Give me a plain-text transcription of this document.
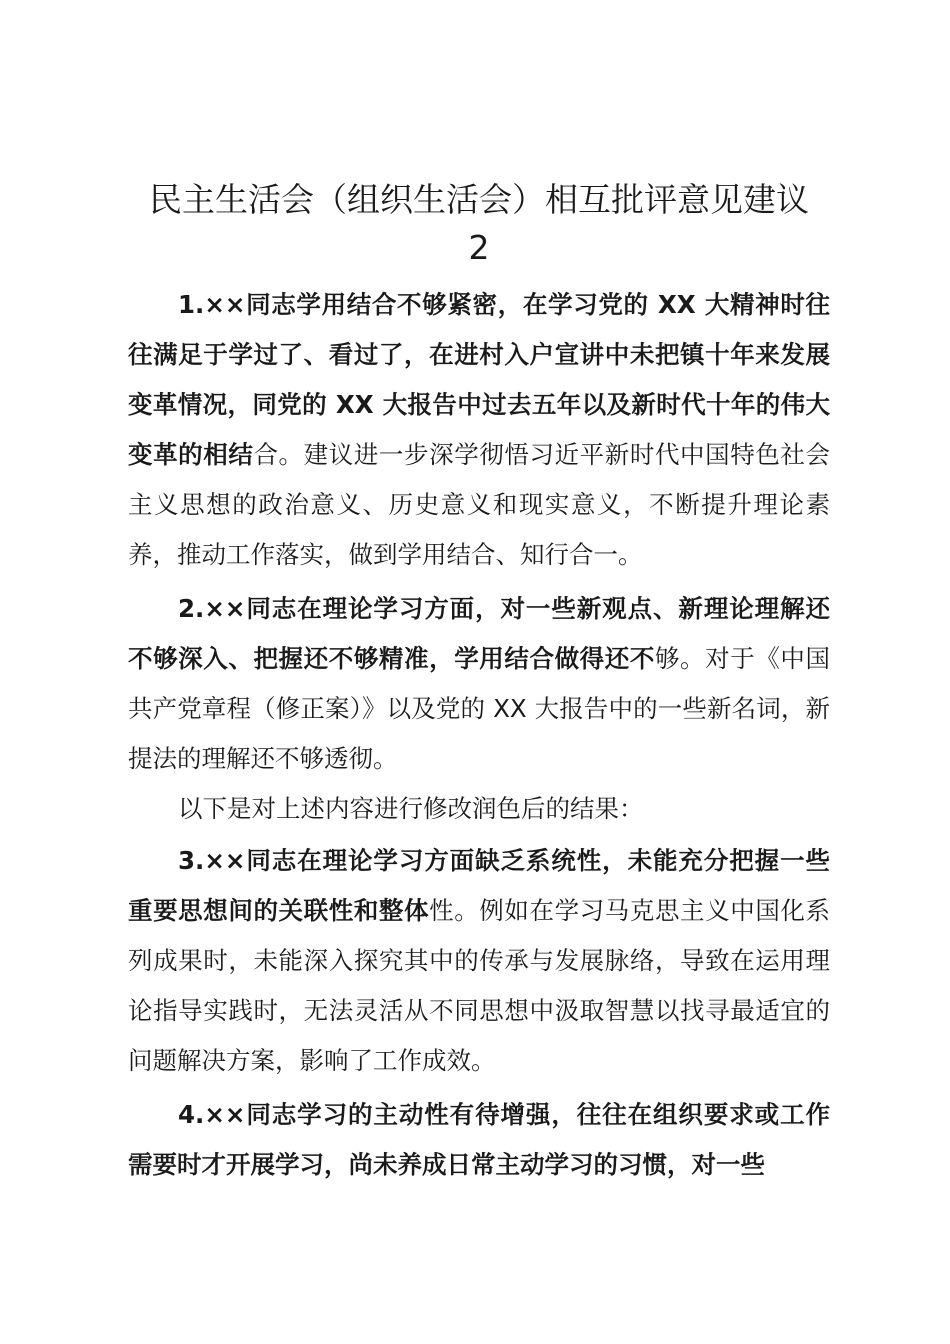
民主生活会（组织生活会）相互批评意见建议
2

1.××同志学用结合不够紧密，在学习党的 XX 大精神时往往满足于学过了、看过了，在进村入户宣讲中未把镇十年来发展变革情况，同党的 XX 大报告中过去五年以及新时代十年的伟大变革的相结合。建议进一步深学彻悟习近平新时代中国特色社会主义思想的政治意义、历史意义和现实意义，不断提升理论素养，推动工作落实，做到学用结合、知行合一。

2.××同志在理论学习方面，对一些新观点、新理论理解还不够深入、把握还不够精准，学用结合做得还不够。对于《中国共产党章程（修正案）》以及党的 XX 大报告中的一些新名词，新提法的理解还不够透彻。

以下是对上述内容进行修改润色后的结果：

3.××同志在理论学习方面缺乏系统性，未能充分把握一些重要思想间的关联性和整体性。例如在学习马克思主义中国化系列成果时，未能深入探究其中的传承与发展脉络，导致在运用理论指导实践时，无法灵活从不同思想中汲取智慧以找寻最适宜的问题解决方案，影响了工作成效。

4.××同志学习的主动性有待增强，往往在组织要求或工作需要时才开展学习，尚未养成日常主动学习的习惯，对一些
